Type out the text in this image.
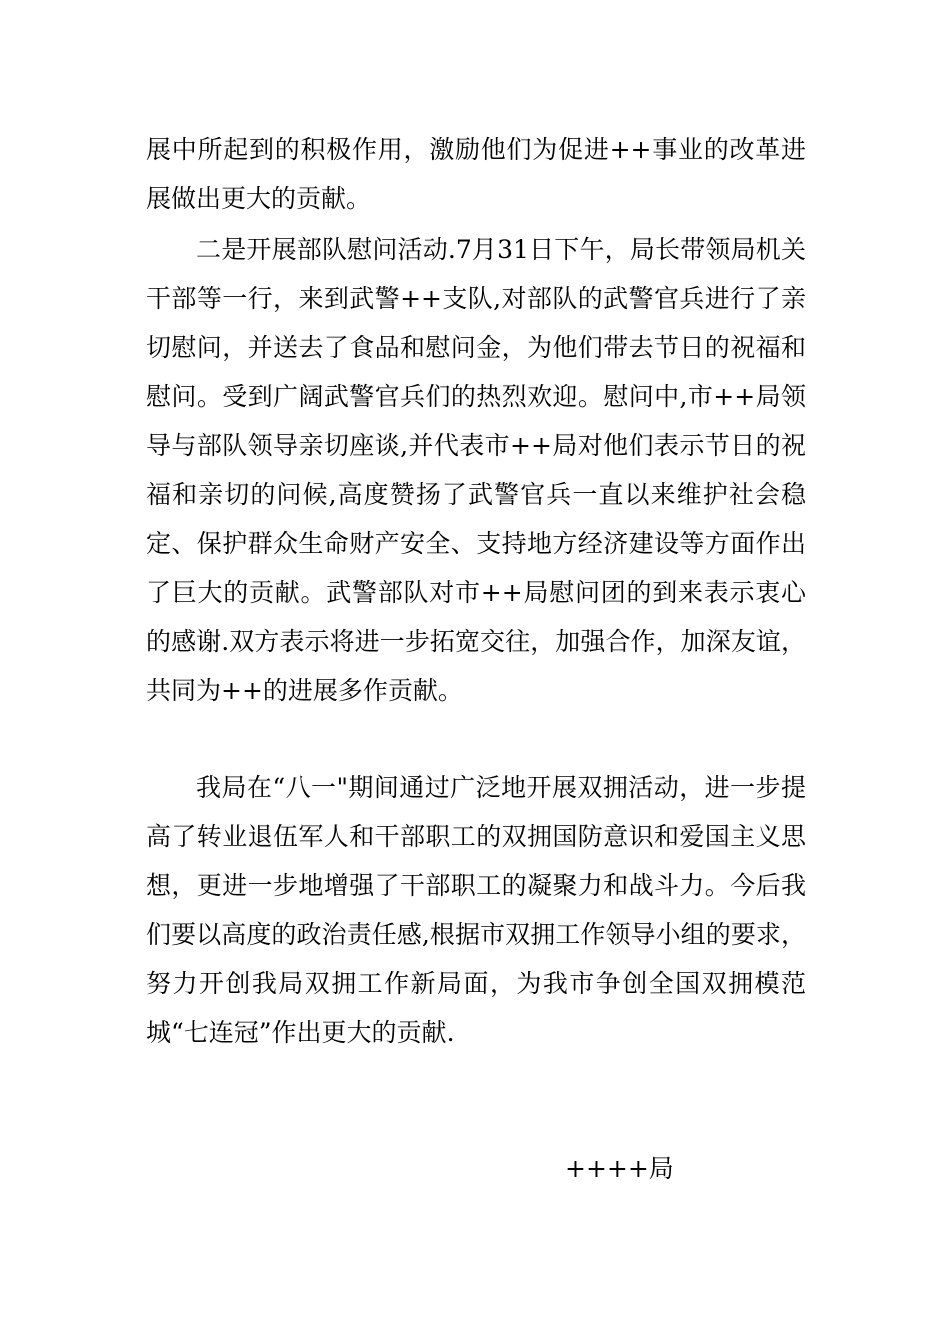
展中所起到的积极作用，激励他们为促进++事业的改革进展做出更大的贡献。

二是开展部队慰问活动.7月31日下午，局长带领局机关干部等一行，来到武警++支队,对部队的武警官兵进行了亲切慰问，并送去了食品和慰问金，为他们带去节日的祝福和慰问。受到广阔武警官兵们的热烈欢迎。慰问中,市++局领导与部队领导亲切座谈,并代表市++局对他们表示节日的祝福和亲切的问候,高度赞扬了武警官兵一直以来维护社会稳定、保护群众生命财产安全、支持地方经济建设等方面作出了巨大的贡献。武警部队对市++局慰问团的到来表示衷心的感谢.双方表示将进一步拓宽交往，加强合作，加深友谊，共同为++的进展多作贡献。

我局在“八一"期间通过广泛地开展双拥活动，进一步提高了转业退伍军人和干部职工的双拥国防意识和爱国主义思想，更进一步地增强了干部职工的凝聚力和战斗力。今后我们要以高度的政治责任感,根据市双拥工作领导小组的要求，努力开创我局双拥工作新局面，为我市争创全国双拥模范城“七连冠”作出更大的贡献.

++++局
